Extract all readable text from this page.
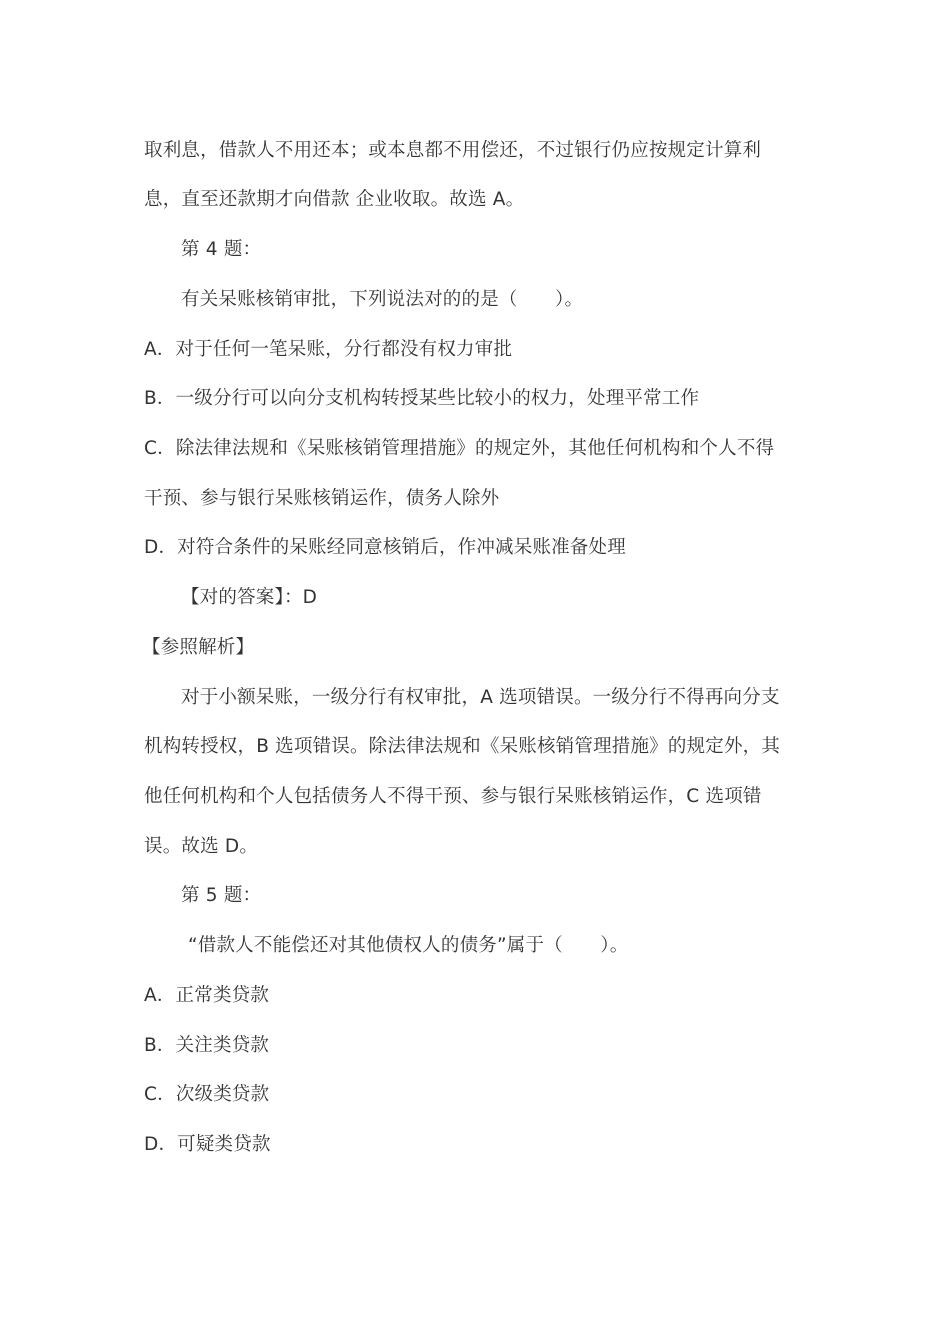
取利息，借款人不用还本；或本息都不用偿还，不过银行仍应按规定计算利
息，直至还款期才向借款 企业收取。故选 A。
第 4 题：
有关呆账核销审批，下列说法对的的是（　　）。
A．对于任何一笔呆账，分行都没有权力审批
B．一级分行可以向分支机构转授某些比较小的权力，处理平常工作
C．除法律法规和《呆账核销管理措施》的规定外，其他任何机构和个人不得
干预、参与银行呆账核销运作，债务人除外
D．对符合条件的呆账经同意核销后，作冲减呆账准备处理
【对的答案】：D
【参照解析】
对于小额呆账，一级分行有权审批，A 选项错误。一级分行不得再向分支
机构转授权，B 选项错误。除法律法规和《呆账核销管理措施》的规定外，其
他任何机构和个人包括债务人不得干预、参与银行呆账核销运作，C 选项错
误。故选 D。
第 5 题：
“借款人不能偿还对其他债权人的债务”属于（　　）。
A．正常类贷款
B．关注类贷款
C．次级类贷款
D．可疑类贷款
